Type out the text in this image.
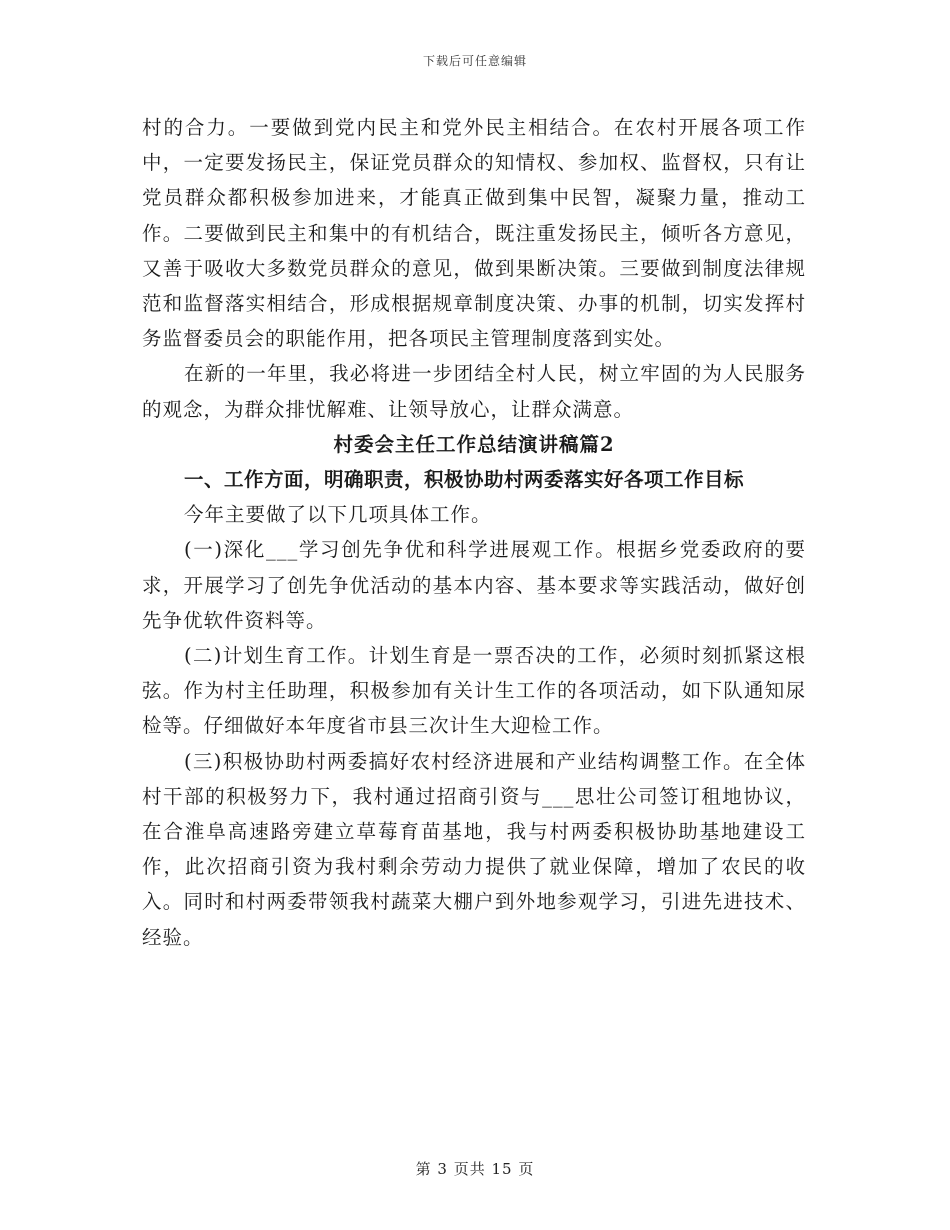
下载后可任意编辑

村的合力。一要做到党内民主和党外民主相结合。在农村开展各项工作中，一定要发扬民主，保证党员群众的知情权、参加权、监督权，只有让党员群众都积极参加进来，才能真正做到集中民智，凝聚力量，推动工作。二要做到民主和集中的有机结合，既注重发扬民主，倾听各方意见，又善于吸收大多数党员群众的意见，做到果断决策。三要做到制度法律规范和监督落实相结合，形成根据规章制度决策、办事的机制，切实发挥村务监督委员会的职能作用，把各项民主管理制度落到实处。

在新的一年里，我必将进一步团结全村人民，树立牢固的为人民服务的观念，为群众排忧解难、让领导放心，让群众满意。

村委会主任工作总结演讲稿篇2

一、工作方面，明确职责，积极协助村两委落实好各项工作目标

今年主要做了以下几项具体工作。

(一)深化___学习创先争优和科学进展观工作。根据乡党委政府的要求，开展学习了创先争优活动的基本内容、基本要求等实践活动，做好创先争优软件资料等。

(二)计划生育工作。计划生育是一票否决的工作，必须时刻抓紧这根弦。作为村主任助理，积极参加有关计生工作的各项活动，如下队通知尿检等。仔细做好本年度省市县三次计生大迎检工作。

(三)积极协助村两委搞好农村经济进展和产业结构调整工作。在全体村干部的积极努力下，我村通过招商引资与___思壮公司签订租地协议，在合淮阜高速路旁建立草莓育苗基地，我与村两委积极协助基地建设工作，此次招商引资为我村剩余劳动力提供了就业保障，增加了农民的收入。同时和村两委带领我村蔬菜大棚户到外地参观学习，引进先进技术、经验。

第 3 页共 15 页
